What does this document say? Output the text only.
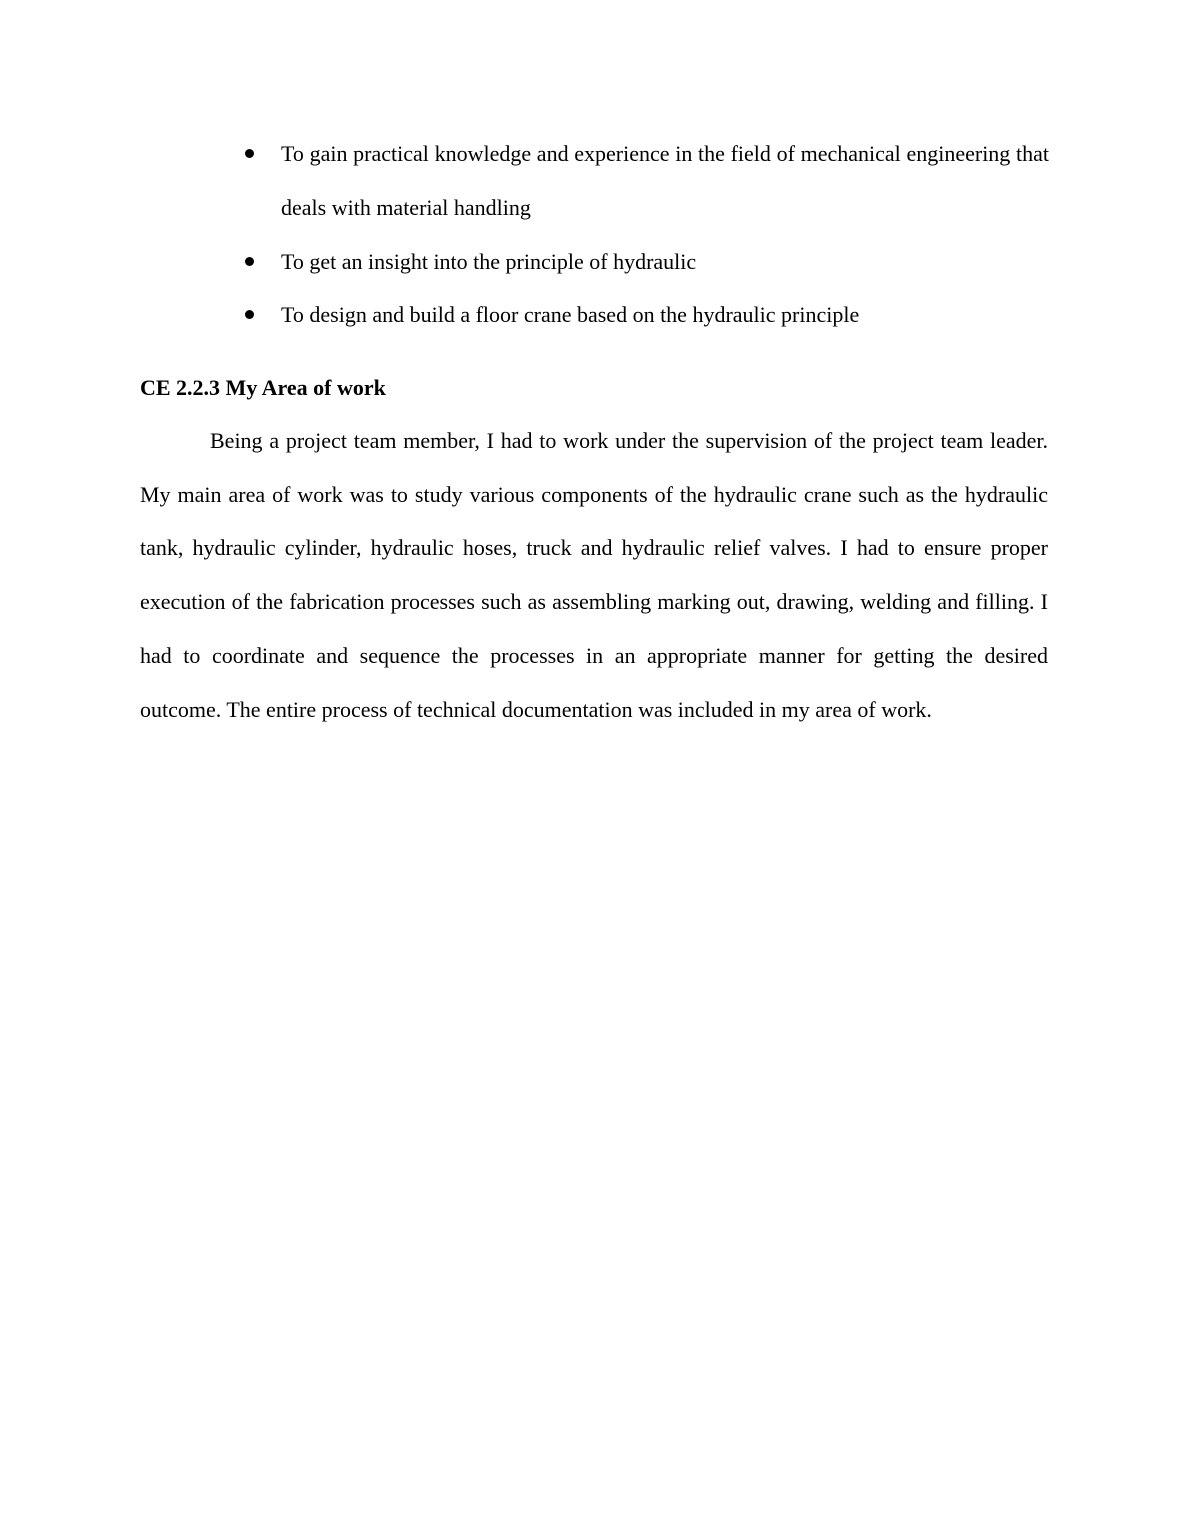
To gain practical knowledge and experience in the field of mechanical engineering that deals with material handling
To get an insight into the principle of hydraulic
To design and build a floor crane based on the hydraulic principle
CE 2.2.3 My Area of work

Being a project team member, I had to work under the supervision of the project team leader. My main area of work was to study various components of the hydraulic crane such as the hydraulic tank, hydraulic cylinder, hydraulic hoses, truck and hydraulic relief valves. I had to ensure proper execution of the fabrication processes such as assembling marking out, drawing, welding and filling. I had to coordinate and sequence the processes in an appropriate manner for getting the desired outcome. The entire process of technical documentation was included in my area of work.
